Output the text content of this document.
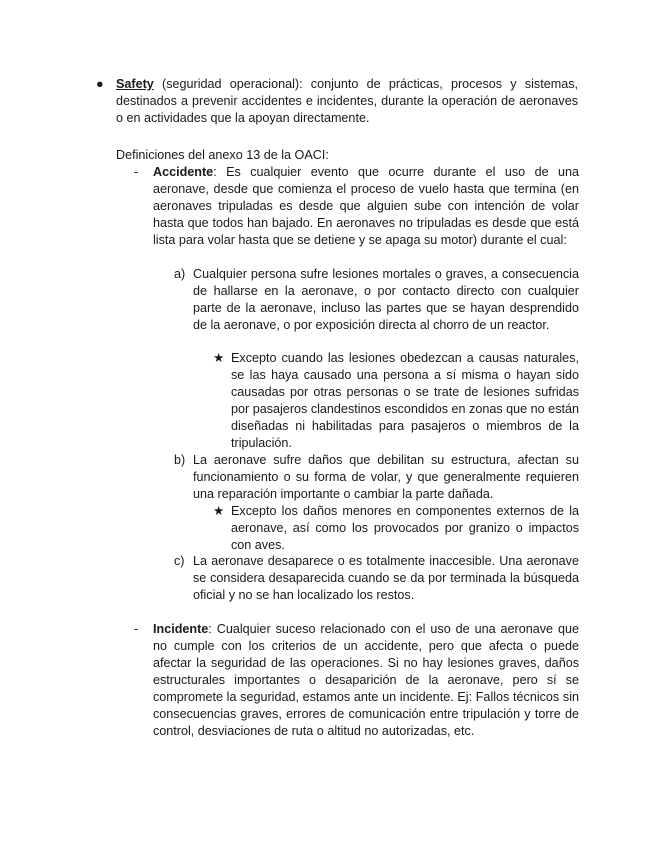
● Safety (seguridad operacional): conjunto de prácticas, procesos y sistemas, destinados a prevenir accidentes e incidentes, durante la operación de aeronaves o en actividades que la apoyan directamente.
Definiciones del anexo 13 de la OACI:
- Accidente: Es cualquier evento que ocurre durante el uso de una aeronave, desde que comienza el proceso de vuelo hasta que termina (en aeronaves tripuladas es desde que alguien sube con intención de volar hasta que todos han bajado. En aeronaves no tripuladas es desde que está lista para volar hasta que se detiene y se apaga su motor) durante el cual:
a) Cualquier persona sufre lesiones mortales o graves, a consecuencia de hallarse en la aeronave, o por contacto directo con cualquier parte de la aeronave, incluso las partes que se hayan desprendido de la aeronave, o por exposición directa al chorro de un reactor.
★ Excepto cuando las lesiones obedezcan a causas naturales, se las haya causado una persona a sí misma o hayan sido causadas por otras personas o se trate de lesiones sufridas por pasajeros clandestinos escondidos en zonas que no están diseñadas ni habilitadas para pasajeros o miembros de la tripulación.
b) La aeronave sufre daños que debilitan su estructura, afectan su funcionamiento o su forma de volar, y que generalmente requieren una reparación importante o cambiar la parte dañada.
★ Excepto los daños menores en componentes externos de la aeronave, así como los provocados por granizo o impactos con aves.
c) La aeronave desaparece o es totalmente inaccesible. Una aeronave se considera desaparecida cuando se da por terminada la búsqueda oficial y no se han localizado los restos.
- Incidente: Cualquier suceso relacionado con el uso de una aeronave que no cumple con los criterios de un accidente, pero que afecta o puede afectar la seguridad de las operaciones. Si no hay lesiones graves, daños estructurales importantes o desaparición de la aeronave, pero sí se compromete la seguridad, estamos ante un incidente. Ej: Fallos técnicos sin consecuencias graves, errores de comunicación entre tripulación y torre de control, desviaciones de ruta o altitud no autorizadas, etc.
